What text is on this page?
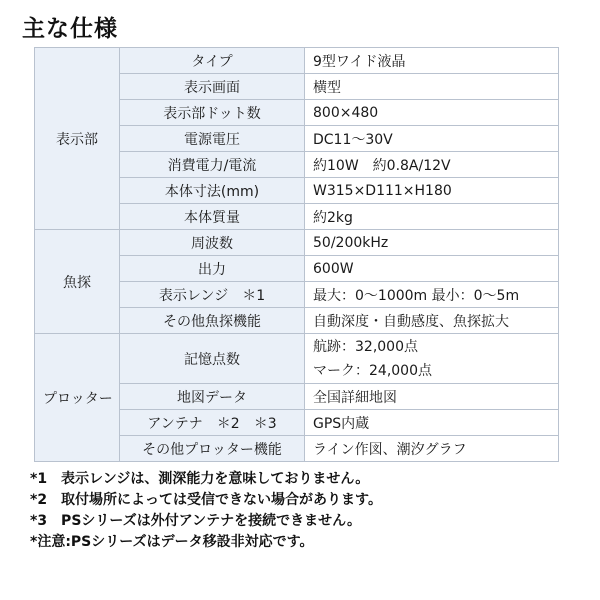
主な仕様
表示部	タイプ	9型ワイド液晶
	表示画面	横型
	表示部ドット数	800×480
	電源電圧	DC11〜30V
	消費電力/電流	約10W　約0.8A/12V
	本体寸法(mm)	W315×D111×H180
	本体質量	約2kg
魚探	周波数	50/200kHz
	出力	600W
	表示レンジ　＊1	最大：0〜1000m 最小：0〜5m
	その他魚探機能	自動深度・自動感度、魚探拡大
プロッター	記憶点数	航跡：32,000点
マーク：24,000点

	地図データ	全国詳細地図
	アンテナ　＊2　＊3	GPS内蔵
	その他プロッター機能	ライン作図、潮汐グラフ
*1　表示レンジは、測深能力を意味しておりません。
*2　取付場所によっては受信できない場合があります。
*3　PSシリーズは外付アンテナを接続できません。
*注意:PSシリーズはデータ移設非対応です。
